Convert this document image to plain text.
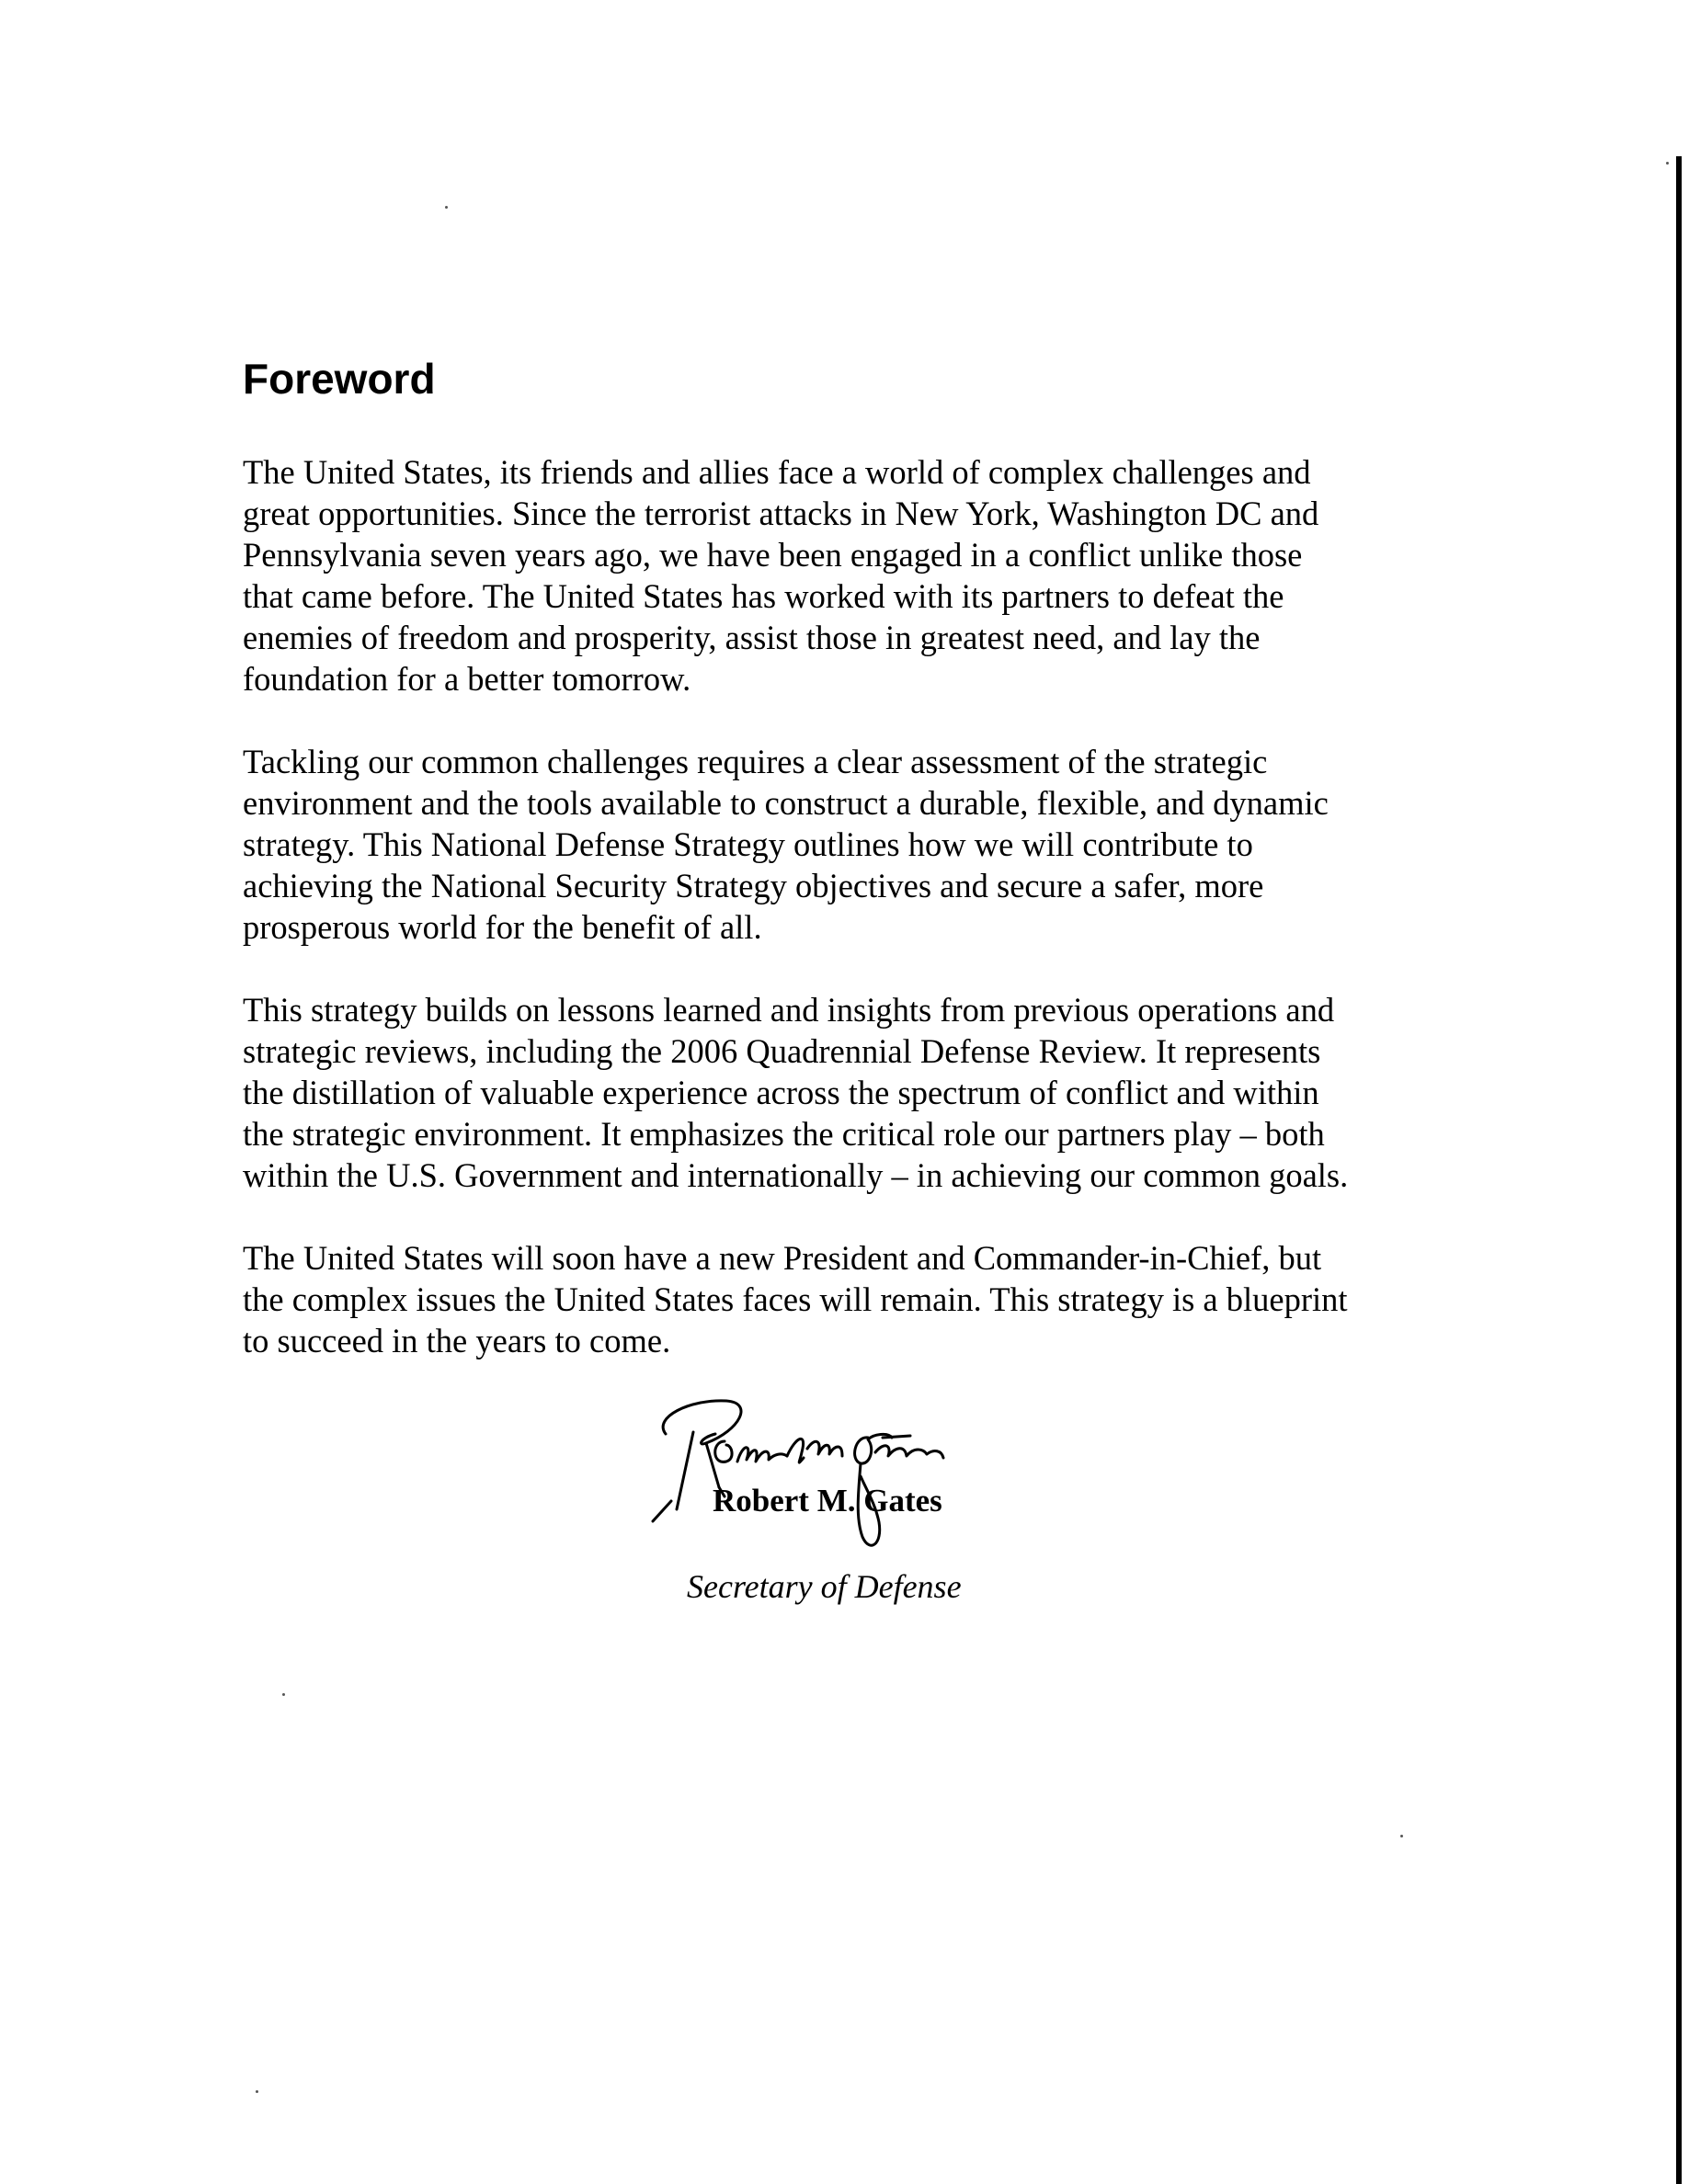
Foreword

The United States, its friends and allies face a world of complex challenges and
great opportunities. Since the terrorist attacks in New York, Washington DC and
Pennsylvania seven years ago, we have been engaged in a conflict unlike those
that came before. The United States has worked with its partners to defeat the
enemies of freedom and prosperity, assist those in greatest need, and lay the
foundation for a better tomorrow.

Tackling our common challenges requires a clear assessment of the strategic
environment and the tools available to construct a durable, flexible, and dynamic
strategy. This National Defense Strategy outlines how we will contribute to
achieving the National Security Strategy objectives and secure a safer, more
prosperous world for the benefit of all.

This strategy builds on lessons learned and insights from previous operations and
strategic reviews, including the 2006 Quadrennial Defense Review. It represents
the distillation of valuable experience across the spectrum of conflict and within
the strategic environment. It emphasizes the critical role our partners play – both
within the U.S. Government and internationally – in achieving our common goals.

The United States will soon have a new President and Commander-in-Chief, but
the complex issues the United States faces will remain. This strategy is a blueprint
to succeed in the years to come.

Robert M. Gates
Secretary of Defense
